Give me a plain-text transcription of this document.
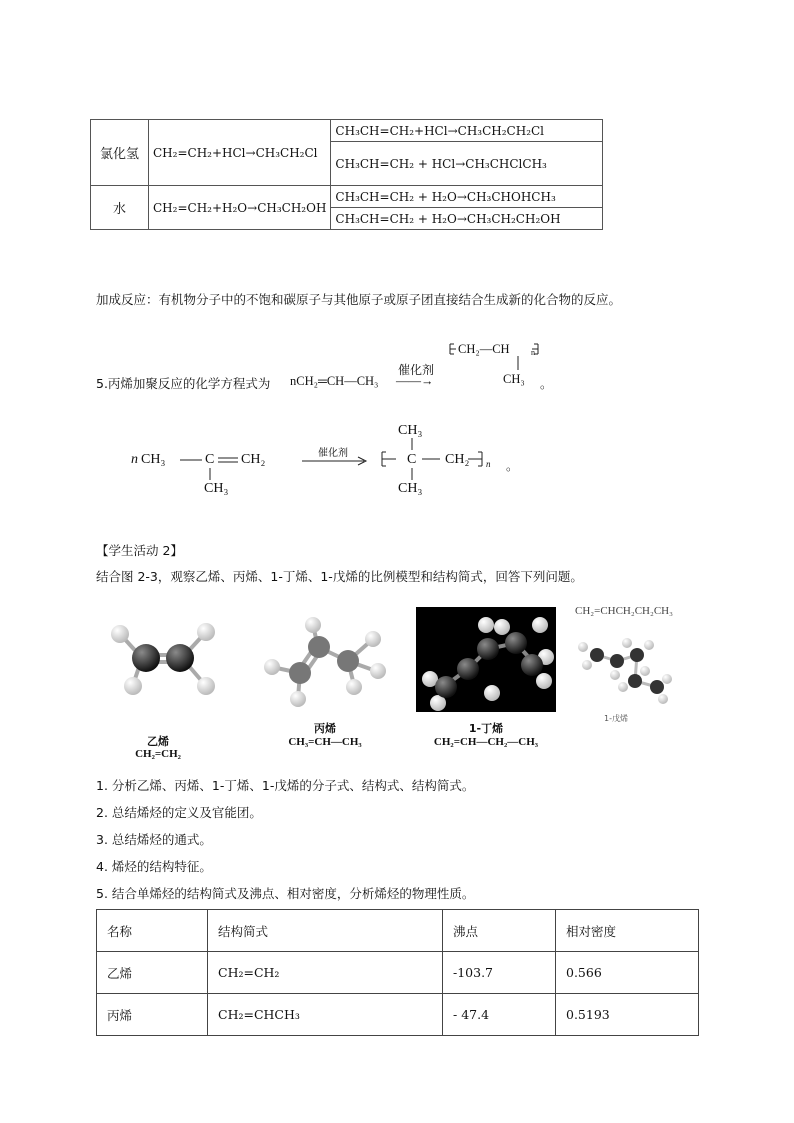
氯化氢	CH₂=CH₂+HCl→CH₃CH₂Cl	CH₃CH=CH₂+HCl→CH₃CH₂CH₂Cl
		CH₃CH=CH₂ + HCl→CH₃CHClCH₃
水	CH₂=CH₂+H₂O→CH₃CH₂OH	CH₃CH=CH₂ + H₂O→CH₃CHOHCH₃
		CH₃CH=CH₂ + H₂O→CH₃CH₂CH₂OH
加成反应：有机物分子中的不饱和碳原子与其他原子或原子团直接结合生成新的化合物的反应。
5.丙烯加聚反应的化学方程式为 nCH₂═CH—CH₃
催化剂
——→
CH₂—CH	n
CH₃ 。
n CH₃	C CH₂
CH₃
催化剂
CH₃
C CH₂ n
CH₃
。
【学生活动 2】
结合图 2-3，观察乙烯、丙烯、1-丁烯、1-戊烯的比例模型和结构简式，回答下列问题。
乙烯
CH₂=CH₂
丙烯
CH₃=CH—CH₃
1-丁烯
CH₂=CH—CH₂—CH₃
CH₂=CHCH₂CH₂CH₃
1-戊烯
1. 分析乙烯、丙烯、1-丁烯、1-戊烯的分子式、结构式、结构简式。
2. 总结烯烃的定义及官能团。
3. 总结烯烃的通式。
4. 烯烃的结构特征。
5. 结合单烯烃的结构简式及沸点、相对密度，分析烯烃的物理性质。
名称	结构简式	沸点	相对密度
乙烯	CH₂=CH₂	-103.7	0.566
丙烯	CH₂=CHCH₃	- 47.4	0.5193
